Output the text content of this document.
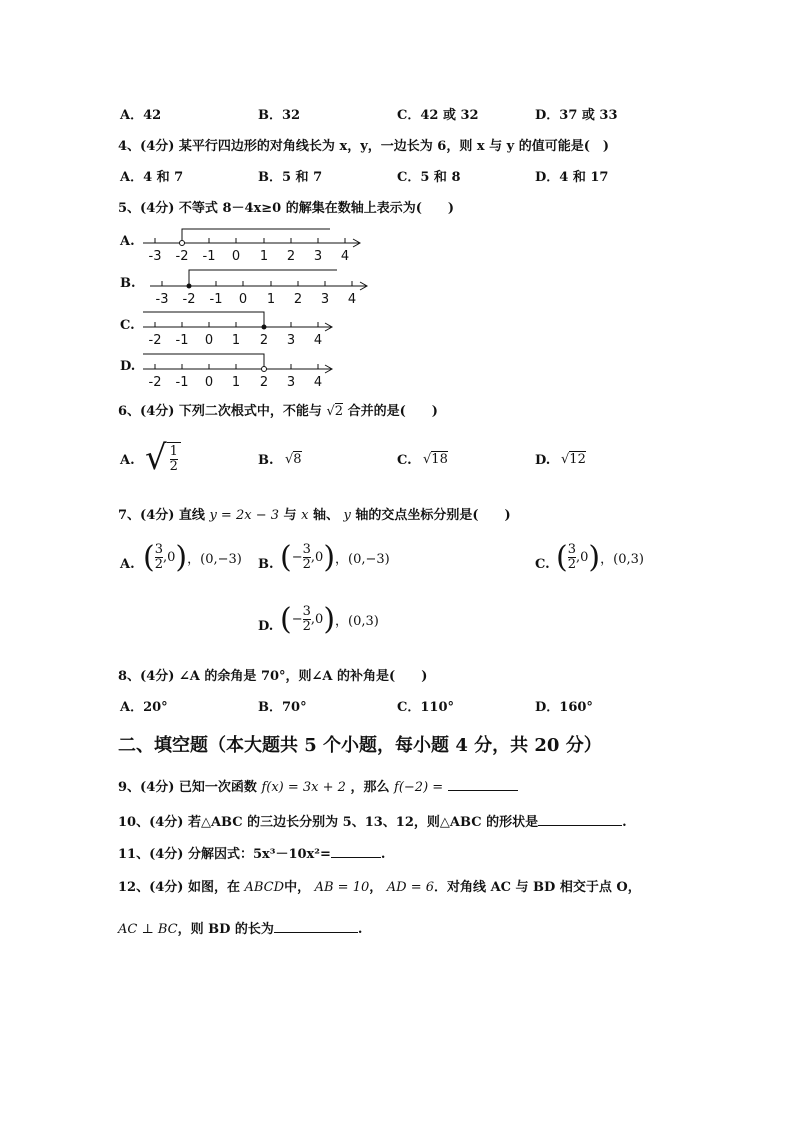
A．42	B．32	C．42 或 32	D．37 或 33
4、(4分) 某平行四边形的对角线长为 x，y，一边长为 6，则 x 与 y 的值可能是(　)
A．4 和 7	B．5 和 7	C．5 和 8	D．4 和 17
5、(4分) 不等式 8－4x≥0 的解集在数轴上表示为(　　)
A.
-3 -2 -1 0 1 2 3 4
B.
-3 -2 -1 0 1 2 3 4
C.
-2 -1 0 1 2 3 4
D.
-2 -1 0 1 2 3 4
6、(4分) 下列二次根式中，不能与 √2 合并的是(　　)
A. √ $\frac{1}{2}$	B. √8	C. √18	D. √12
7、(4分) 直线 y = 2x − 3 与 x 轴、 y 轴的交点坐标分别是(　　)
A. ( $\frac{3}{2} ,0$ ) ，(0,−3) B. ( − $\frac{3}{2} ,0$ ) ，(0,−3)	C. ( $\frac{3}{2} ,0$ ) ，(0,3)
D. ( − $\frac{3}{2} ,0$ ) ，(0,3)
8、(4分) ∠A 的余角是 70°，则∠A 的补角是(　　)
A．20°	B．70°	C．110°	D．160°
二、填空题（本大题共 5 个小题，每小题 4 分，共 20 分）
9、(4分) 已知一次函数 f(x) = 3x + 2 ，那么 f(−2) =
10、(4分) 若△ABC 的三边长分别为 5、13、12，则△ABC 的形状是	.
11、(4分) 分解因式：5x³－10x²=	.
12、(4分) 如图，在 ABCD中， AB = 10， AD = 6．对角线 AC 与 BD 相交于点 O，
AC ⊥ BC，则 BD 的长为	.
